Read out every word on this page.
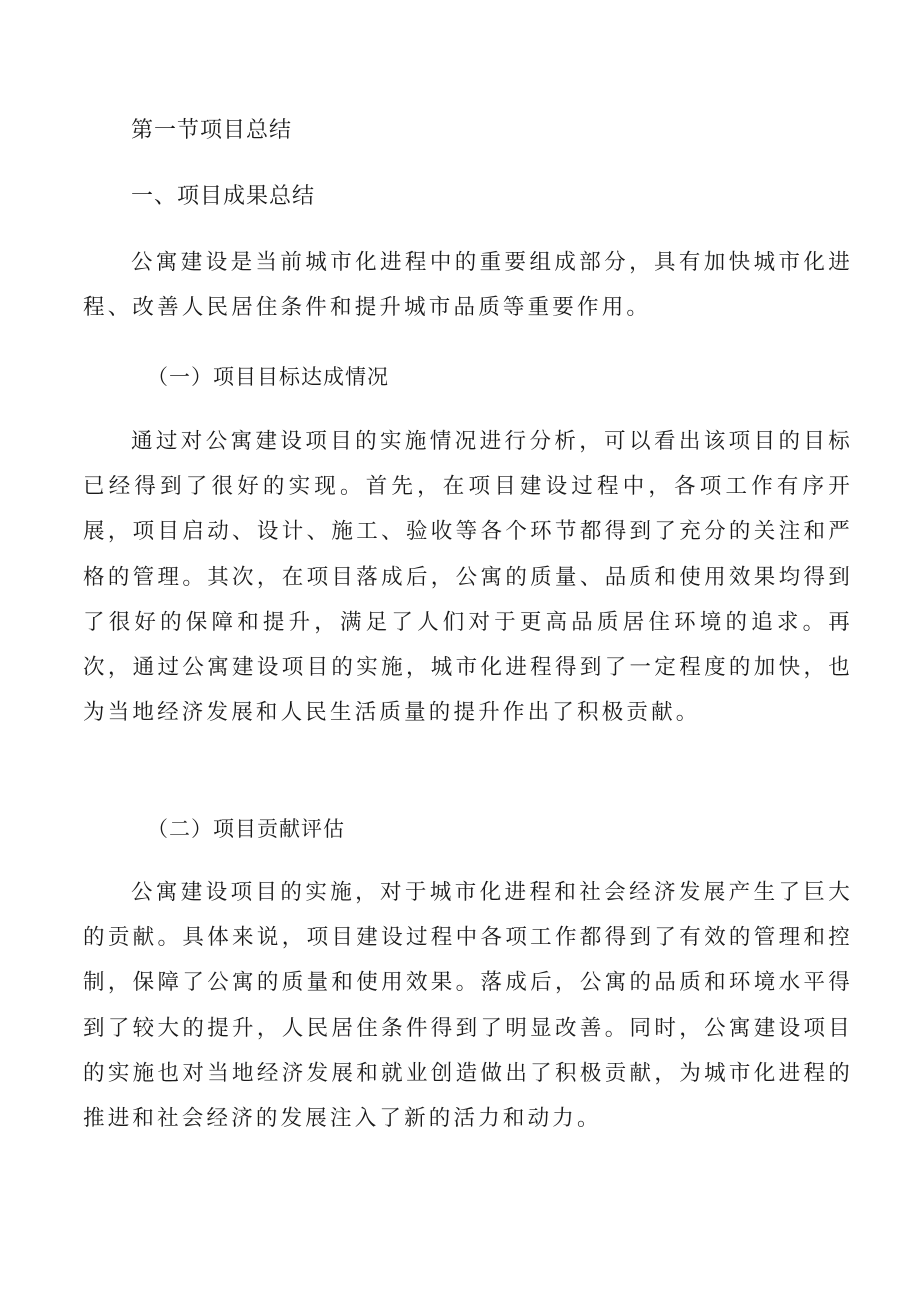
第一节项目总结
一、项目成果总结

公寓建设是当前城市化进程中的重要组成部分，具有加快城市化进程、改善人民居住条件和提升城市品质等重要作用。

（一）项目目标达成情况

通过对公寓建设项目的实施情况进行分析，可以看出该项目的目标已经得到了很好的实现。首先，在项目建设过程中，各项工作有序开展，项目启动、设计、施工、验收等各个环节都得到了充分的关注和严格的管理。其次，在项目落成后，公寓的质量、品质和使用效果均得到了很好的保障和提升，满足了人们对于更高品质居住环境的追求。再次，通过公寓建设项目的实施，城市化进程得到了一定程度的加快，也为当地经济发展和人民生活质量的提升作出了积极贡献。

（二）项目贡献评估

公寓建设项目的实施，对于城市化进程和社会经济发展产生了巨大的贡献。具体来说，项目建设过程中各项工作都得到了有效的管理和控制，保障了公寓的质量和使用效果。落成后，公寓的品质和环境水平得到了较大的提升，人民居住条件得到了明显改善。同时，公寓建设项目的实施也对当地经济发展和就业创造做出了积极贡献，为城市化进程的推进和社会经济的发展注入了新的活力和动力。
